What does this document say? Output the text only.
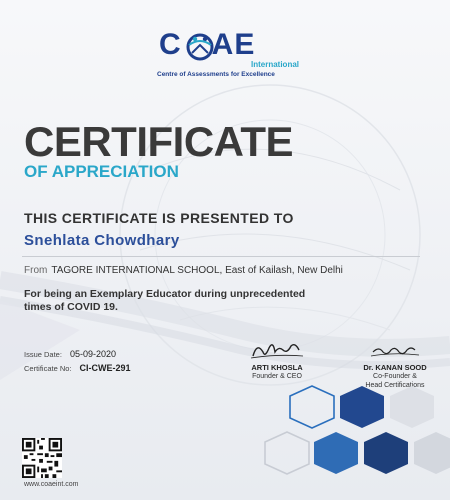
C AE
International
Centre of Assessments for Excellence
CERTIFICATE
OF APPRECIATION
THIS CERTIFICATE IS PRESENTED TO
Snehlata Chowdhary
From TAGORE INTERNATIONAL SCHOOL, East of Kailash, New Delhi
For being an Exemplary Educator during unprecedented
times of COVID 19.
Issue Date: 05-09-2020
Certificate No: CI-CWE-291	ARTI KHOSLA
Founder & CEO
Dr. KANAN SOOD
Co-Founder &
Head Certifications
www.coaeint.com
